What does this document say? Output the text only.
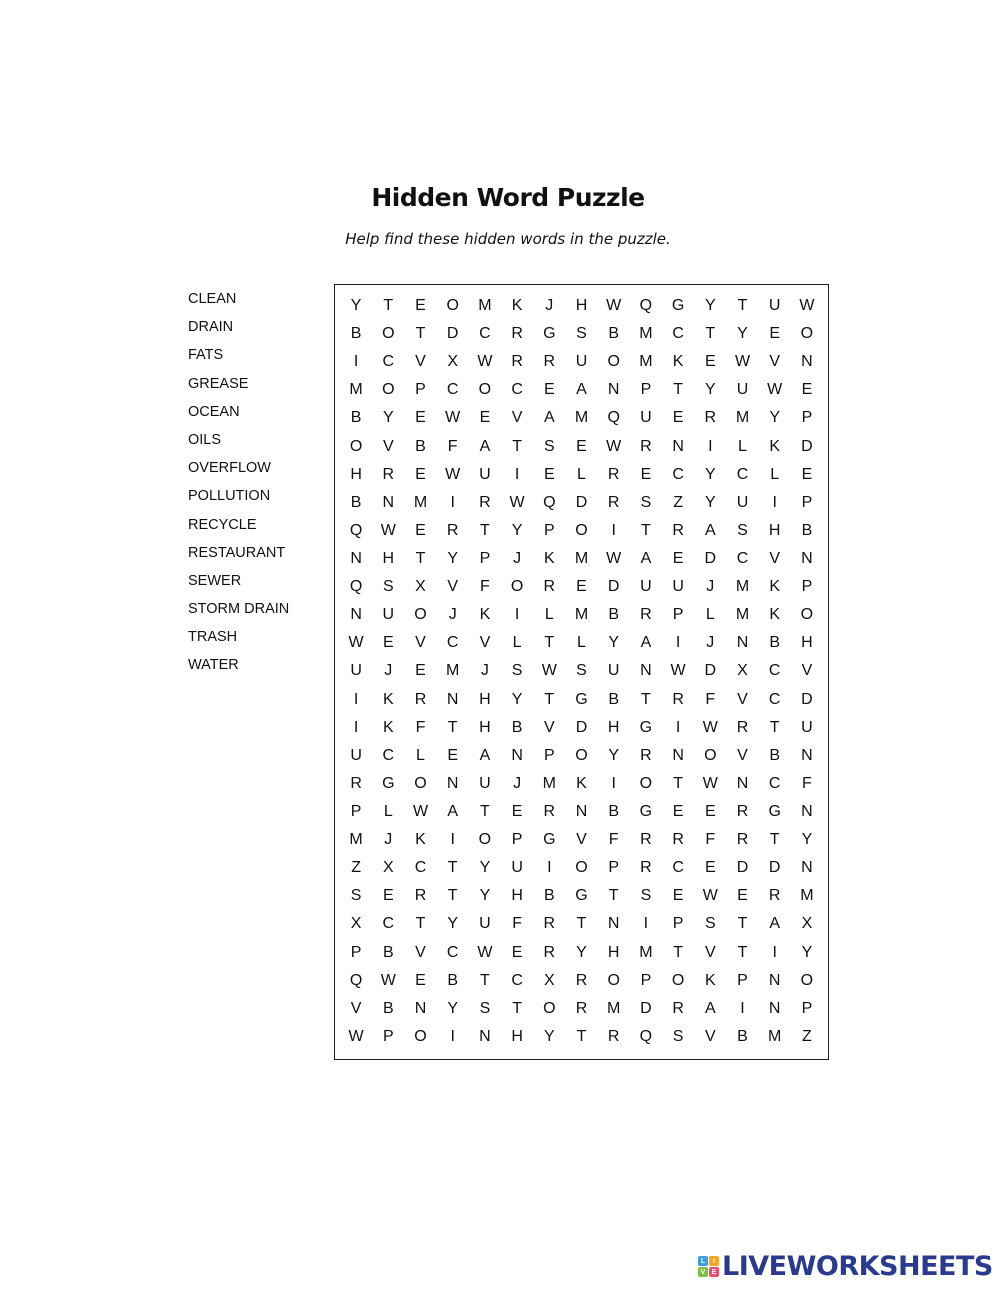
Hidden Word Puzzle

Help find these hidden words in the puzzle.

CLEAN
DRAIN
FATS
GREASE
OCEAN
OILS
OVERFLOW
POLLUTION
RECYCLE
RESTAURANT
SEWER
STORM DRAIN
TRASH
WATER
Y	T	E	O	M	K	J	H	W	Q	G	Y	T	U	W
B	O	T	D	C	R	G	S	B	M	C	T	Y	E	O
I	C	V	X	W	R	R	U	O	M	K	E	W	V	N
M	O	P	C	O	C	E	A	N	P	T	Y	U	W	E
B	Y	E	W	E	V	A	M	Q	U	E	R	M	Y	P
O	V	B	F	A	T	S	E	W	R	N	I	L	K	D
H	R	E	W	U	I	E	L	R	E	C	Y	C	L	E
B	N	M	I	R	W	Q	D	R	S	Z	Y	U	I	P
Q	W	E	R	T	Y	P	O	I	T	R	A	S	H	B
N	H	T	Y	P	J	K	M	W	A	E	D	C	V	N
Q	S	X	V	F	O	R	E	D	U	U	J	M	K	P
N	U	O	J	K	I	L	M	B	R	P	L	M	K	O
W	E	V	C	V	L	T	L	Y	A	I	J	N	B	H
U	J	E	M	J	S	W	S	U	N	W	D	X	C	V
I	K	R	N	H	Y	T	G	B	T	R	F	V	C	D
I	K	F	T	H	B	V	D	H	G	I	W	R	T	U
U	C	L	E	A	N	P	O	Y	R	N	O	V	B	N
R	G	O	N	U	J	M	K	I	O	T	W	N	C	F
P	L	W	A	T	E	R	N	B	G	E	E	R	G	N
M	J	K	I	O	P	G	V	F	R	R	F	R	T	Y
Z	X	C	T	Y	U	I	O	P	R	C	E	D	D	N
S	E	R	T	Y	H	B	G	T	S	E	W	E	R	M
X	C	T	Y	U	F	R	T	N	I	P	S	T	A	X
P	B	V	C	W	E	R	Y	H	M	T	V	T	I	Y
Q	W	E	B	T	C	X	R	O	P	O	K	P	N	O
V	B	N	Y	S	T	O	R	M	D	R	A	I	N	P
W	P	O	I	N	H	Y	T	R	Q	S	V	B	M	Z
L	I
V E LIVEWORKSHEETS
